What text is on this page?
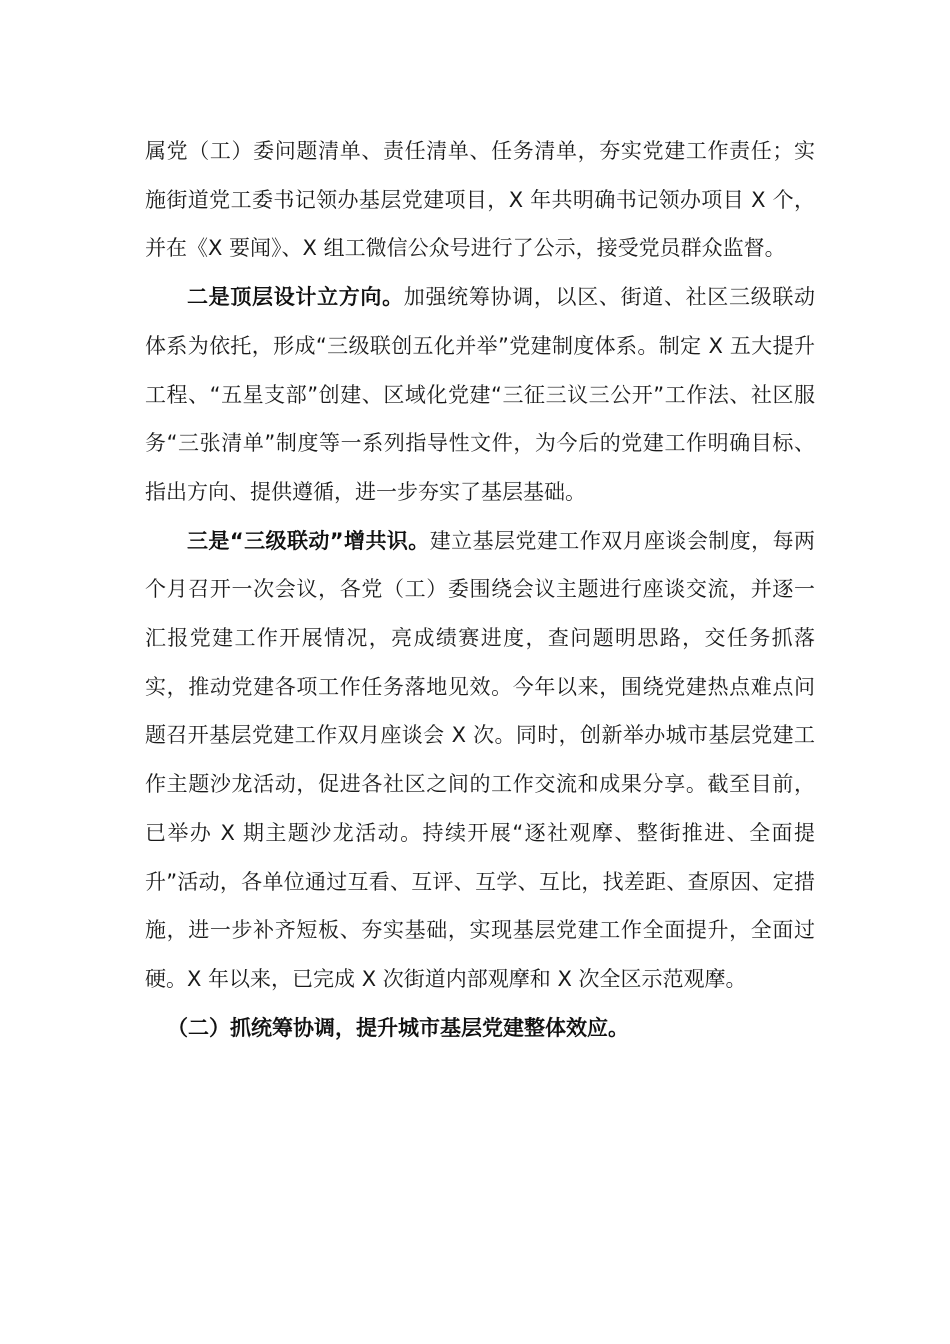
属党（工）委问题清单、责任清单、任务清单，夯实党建工作责任；实施街道党工委书记领办基层党建项目，X 年共明确书记领办项目 X 个，并在《X 要闻》、X 组工微信公众号进行了公示，接受党员群众监督。

二是顶层设计立方向。加强统筹协调，以区、街道、社区三级联动体系为依托，形成“三级联创五化并举”党建制度体系。制定 X 五大提升工程、“五星支部”创建、区域化党建“三征三议三公开”工作法、社区服务“三张清单”制度等一系列指导性文件，为今后的党建工作明确目标、指出方向、提供遵循，进一步夯实了基层基础。

三是“三级联动”增共识。建立基层党建工作双月座谈会制度，每两个月召开一次会议，各党（工）委围绕会议主题进行座谈交流，并逐一汇报党建工作开展情况，亮成绩赛进度，查问题明思路，交任务抓落实，推动党建各项工作任务落地见效。今年以来，围绕党建热点难点问题召开基层党建工作双月座谈会 X 次。同时，创新举办城市基层党建工作主题沙龙活动，促进各社区之间的工作交流和成果分享。截至目前，已举办 X 期主题沙龙活动。持续开展“逐社观摩、整街推进、全面提升”活动，各单位通过互看、互评、互学、互比，找差距、查原因、定措施，进一步补齐短板、夯实基础，实现基层党建工作全面提升，全面过硬。X 年以来，已完成 X 次街道内部观摩和 X 次全区示范观摩。

（二）抓统筹协调，提升城市基层党建整体效应。
